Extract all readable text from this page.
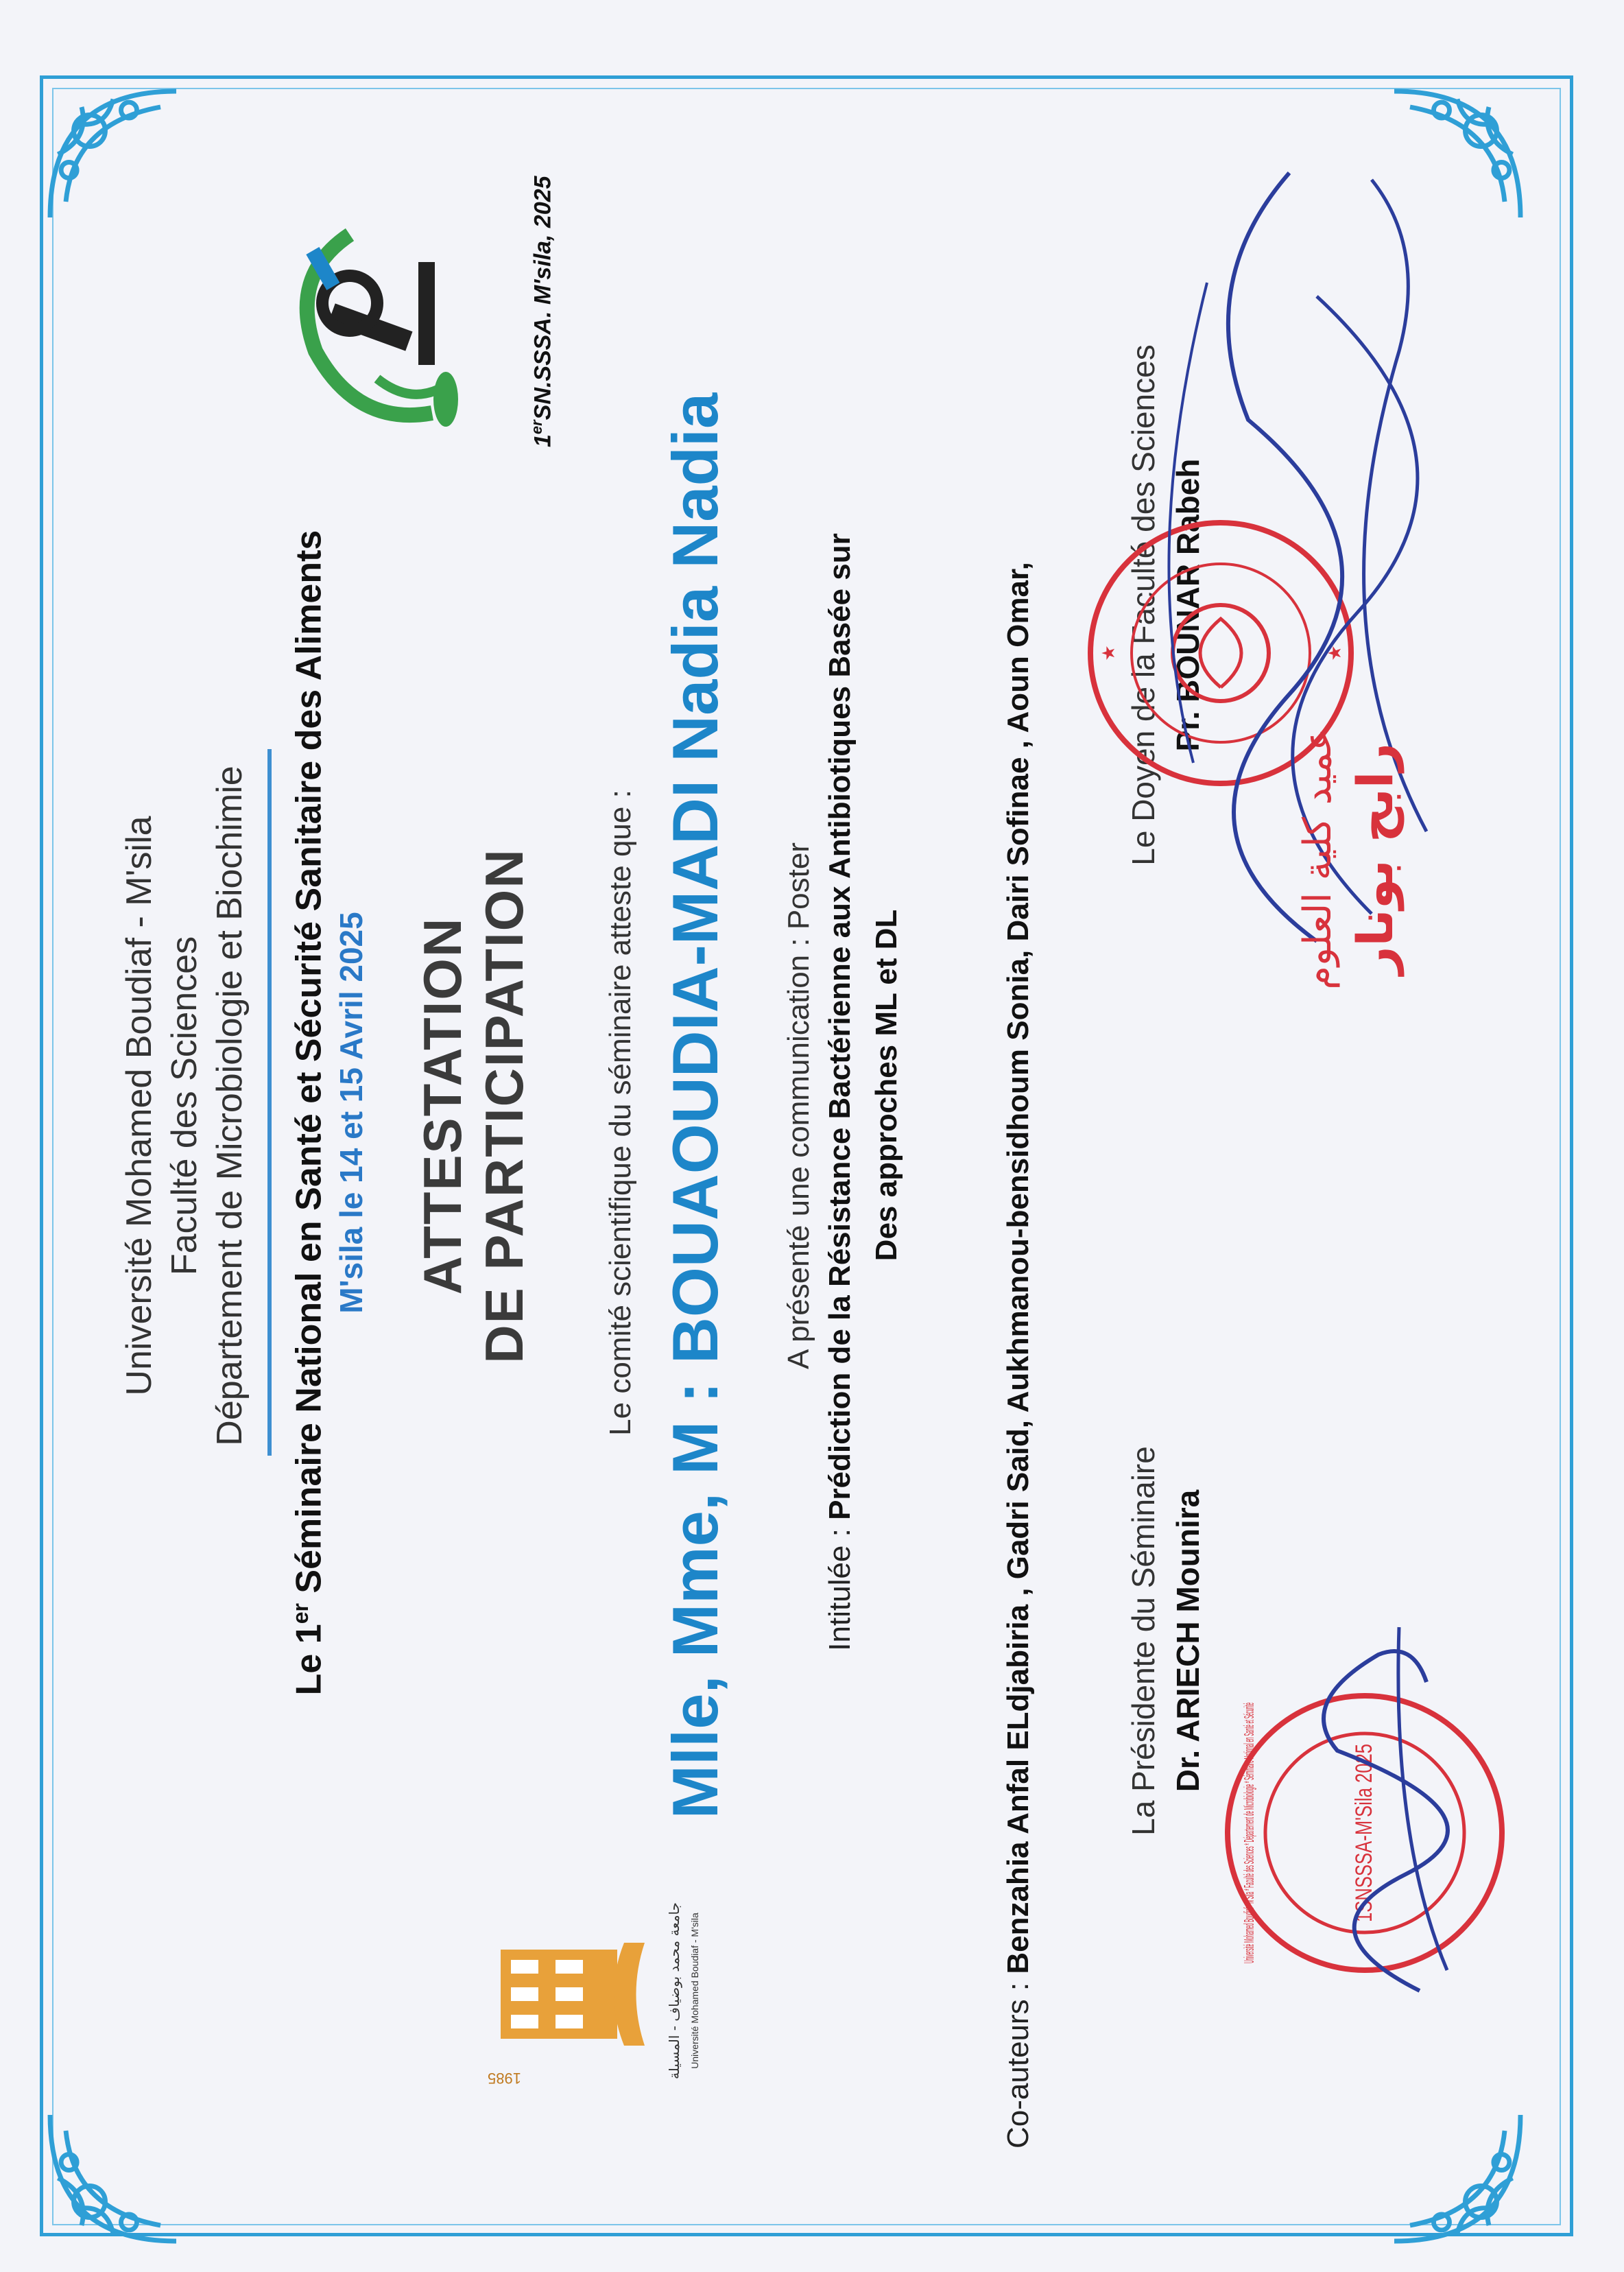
Université Mohamed Boudiaf - M'sila Faculté des Sciences Département de Microbiologie et Biochimie
Le 1er Séminaire National en Santé et Sécurité Sanitaire des Aliments M'sila le 14 et 15 Avril 2025 ATTESTATION DE PARTICIPATION Le comité scientifique du séminaire atteste que : Mlle, Mme, M : BOUAOUDIA-MADI Nadia Nadia A présenté une communication : Poster
Intitulée : Prédiction de la Résistance Bactérienne aux Antibiotiques Basée sur Des approches ML et DL
Co-auteurs : Benzahia Anfal ELdjabiria , Gadri Said, Aukhmanou-bensidhoum Sonia, Dairi Sofinae , Aoun Omar,	La Présidente du Séminaire Dr. ARIECH Mounira
Le Doyen de la Faculté des Sciences Pr. BOUNAR Rabeh
1erSN.SSSA. M'sila, 2025
1985	جامعة محمد بوضياف - المسيلة Université Mohamed Boudiaf - M'sila
Université Mohamed Boudiaf - M'Sila * Faculté des Sciences * Département de Microbiologie * Séminaire National en Santé et Sécurité	1SNSSSA-M'Sila 2025
★	★
عميد كلية العلوم رابح بونار
